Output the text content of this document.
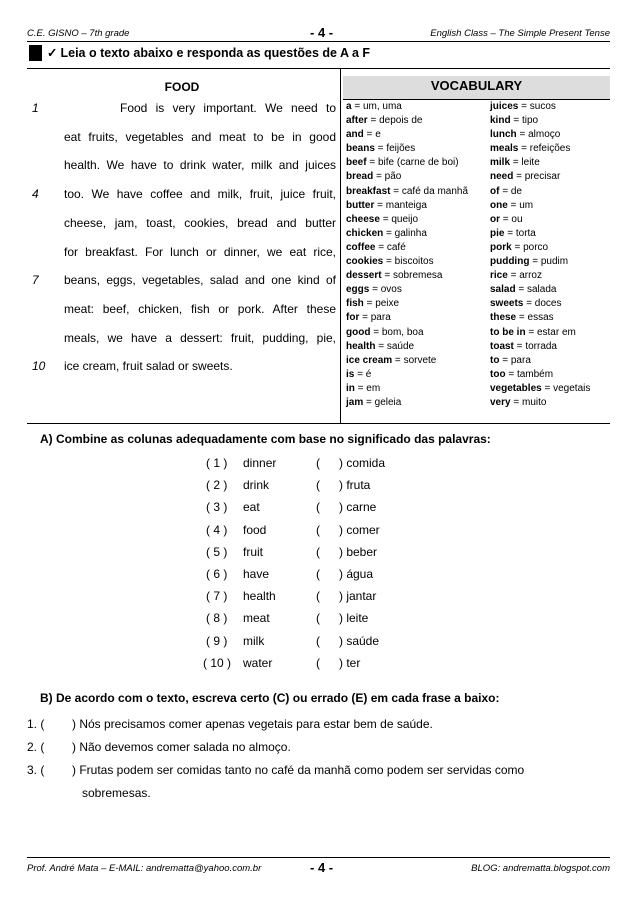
C.E. GISNO – 7th grade	- 4 -	English Class – The Simple Present Tense
✓ Leia o texto abaixo e responda as questões de A a F
FOOD
1	Food is very important. We need to
eat fruits, vegetables and meat to be in good
health. We have to drink water, milk and juices
4 too. We have coffee and milk, fruit, juice fruit,
cheese, jam, toast, cookies, bread and butter
for breakfast. For lunch or dinner, we eat rice,
7 beans, eggs, vegetables, salad and one kind of
meat: beef, chicken, fish or pork. After these
meals, we have a dessert: fruit, pudding, pie,
10 ice cream, fruit salad or sweets.
VOCABULARY
a = um, uma
after = depois de
and = e
beans = feijões
beef = bife (carne de boi)
bread = pão
breakfast = café da manhã
butter = manteiga
cheese = queijo
chicken = galinha
coffee = café
cookies = biscoitos
dessert = sobremesa
eggs = ovos
fish = peixe
for = para
good = bom, boa
health = saúde
ice cream = sorvete
is = é
in = em
jam = geleia
juices = sucos
kind = tipo
lunch = almoço
meals = refeições
milk = leite
need = precisar
of = de
one = um
or = ou
pie = torta
pork = porco
pudding = pudim
rice = arroz
salad = salada
sweets = doces
these = essas
to be in = estar em
toast = torrada
to = para
too = também
vegetables = vegetais
very = muito
A) Combine as colunas adequadamente com base no significado das palavras:
( 1 ) dinner	( ) comida
( 2 ) drink	( ) fruta
( 3 ) eat	( ) carne
( 4 ) food	( ) comer
( 5 ) fruit	( ) beber
( 6 ) have	( ) água
( 7 ) health	( ) jantar
( 8 ) meat	( ) leite
( 9 ) milk	( ) saúde
( 10 ) water	( ) ter
B) De acordo com o texto, escreva certo (C) ou errado (E) em cada frase a baixo:
1. ( ) Nós precisamos comer apenas vegetais para estar bem de saúde.
2. ( ) Não devemos comer salada no almoço.
3. ( ) Frutas podem ser comidas tanto no café da manhã como podem ser servidas como
sobremesas.
Prof. André Mata – E-MAIL: andrematta@yahoo.com.br	- 4 -	BLOG: andrematta.blogspot.com
